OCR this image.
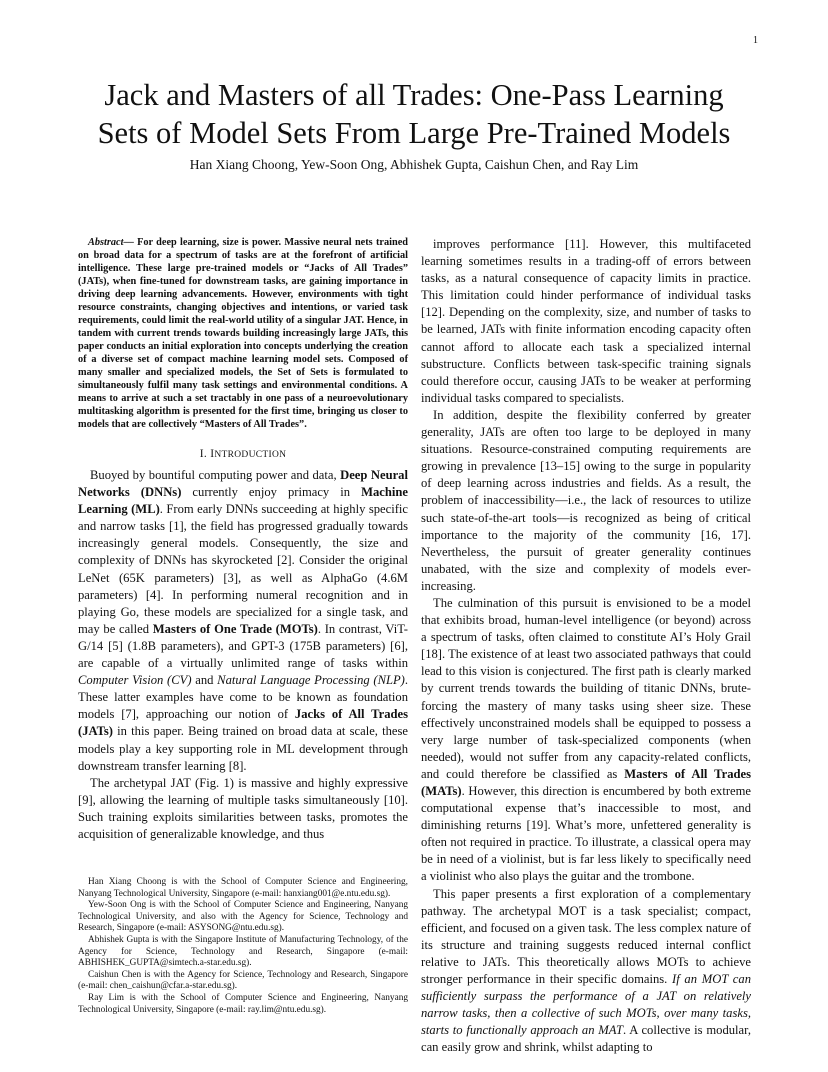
1
Jack and Masters of all Trades: One-Pass Learning
Sets of Model Sets From Large Pre-Trained Models
Han Xiang Choong, Yew-Soon Ong, Abhishek Gupta, Caishun Chen, and Ray Lim

Abstract— For deep learning, size is power. Massive neural nets trained on broad data for a spectrum of tasks are at the forefront of artificial intelligence. These large pre-trained models or “Jacks of All Trades” (JATs), when fine-tuned for downstream tasks, are gaining importance in driving deep learning advancements. However, environments with tight resource constraints, changing objectives and intentions, or varied task requirements, could limit the real-world utility of a singular JAT. Hence, in tandem with current trends towards building increasingly large JATs, this paper conducts an initial exploration into concepts underlying the creation of a diverse set of compact machine learning model sets. Composed of many smaller and specialized models, the Set of Sets is formulated to simultaneously fulfil many task settings and environmental conditions. A means to arrive at such a set tractably in one pass of a neuroevolutionary multitasking algorithm is presented for the first time, bringing us closer to models that are collectively “Masters of All Trades”.

I. INTRODUCTION

Buoyed by bountiful computing power and data, Deep Neural Networks (DNNs) currently enjoy primacy in Machine Learning (ML). From early DNNs succeeding at highly specific and narrow tasks [1], the field has progressed gradually towards increasingly general models. Consequently, the size and complexity of DNNs has skyrocketed [2]. Consider the original LeNet (65K parameters) [3], as well as AlphaGo (4.6M parameters) [4]. In performing numeral recognition and in playing Go, these models are specialized for a single task, and may be called Masters of One Trade (MOTs). In contrast, ViT-G/14 [5] (1.8B parameters), and GPT-3 (175B parameters) [6], are capable of a virtually unlimited range of tasks within Computer Vision (CV) and Natural Language Processing (NLP). These latter examples have come to be known as foundation models [7], approaching our notion of Jacks of All Trades (JATs) in this paper. Being trained on broad data at scale, these models play a key supporting role in ML development through downstream transfer learning [8].

The archetypal JAT (Fig. 1) is massive and highly expressive [9], allowing the learning of multiple tasks simultaneously [10]. Such training exploits similarities between tasks, promotes the acquisition of generalizable knowledge, and thus

improves performance [11]. However, this multifaceted learning sometimes results in a trading-off of errors between tasks, as a natural consequence of capacity limits in practice. This limitation could hinder performance of individual tasks [12]. Depending on the complexity, size, and number of tasks to be learned, JATs with finite information encoding capacity often cannot afford to allocate each task a specialized internal substructure. Conflicts between task-specific training signals could therefore occur, causing JATs to be weaker at performing individual tasks compared to specialists.

In addition, despite the flexibility conferred by greater generality, JATs are often too large to be deployed in many situations. Resource-constrained computing requirements are growing in prevalence [13–15] owing to the surge in popularity of deep learning across industries and fields. As a result, the problem of inaccessibility—i.e., the lack of resources to utilize such state-of-the-art tools—is recognized as being of critical importance to the majority of the community [16, 17]. Nevertheless, the pursuit of greater generality continues unabated, with the size and complexity of models ever-increasing.

The culmination of this pursuit is envisioned to be a model that exhibits broad, human-level intelligence (or beyond) across a spectrum of tasks, often claimed to constitute AI’s Holy Grail [18]. The existence of at least two associated pathways that could lead to this vision is conjectured. The first path is clearly marked by current trends towards the building of titanic DNNs, brute-forcing the mastery of many tasks using sheer size. These effectively unconstrained models shall be equipped to possess a very large number of task-specialized components (when needed), would not suffer from any capacity-related conflicts, and could therefore be classified as Masters of All Trades (MATs). However, this direction is encumbered by both extreme computational expense that’s inaccessible to most, and diminishing returns [19]. What’s more, unfettered generality is often not required in practice. To illustrate, a classical opera may be in need of a violinist, but is far less likely to specifically need a violinist who also plays the guitar and the trombone.

This paper presents a first exploration of a complementary pathway. The archetypal MOT is a task specialist; compact, efficient, and focused on a given task. The less complex nature of its structure and training suggests reduced internal conflict relative to JATs. This theoretically allows MOTs to achieve stronger performance in their specific domains. If an MOT can sufficiently surpass the performance of a JAT on relatively narrow tasks, then a collective of such MOTs, over many tasks, starts to functionally approach an MAT. A collective is modular, can easily grow and shrink, whilst adapting to

Han Xiang Choong is with the School of Computer Science and Engineering, Nanyang Technological University, Singapore (e-mail: hanxiang001@e.ntu.edu.sg).

Yew-Soon Ong is with the School of Computer Science and Engineering, Nanyang Technological University, and also with the Agency for Science, Technology and Research, Singapore (e-mail: ASYSONG@ntu.edu.sg).

Abhishek Gupta is with the Singapore Institute of Manufacturing Technology, of the Agency for Science, Technology and Research, Singapore (e-mail: ABHISHEK_GUPTA@simtech.a-star.edu.sg).

Caishun Chen is with the Agency for Science, Technology and Research, Singapore (e-mail: chen_caishun@cfar.a-star.edu.sg).

Ray Lim is with the School of Computer Science and Engineering, Nanyang Technological University, Singapore (e-mail: ray.lim@ntu.edu.sg).
